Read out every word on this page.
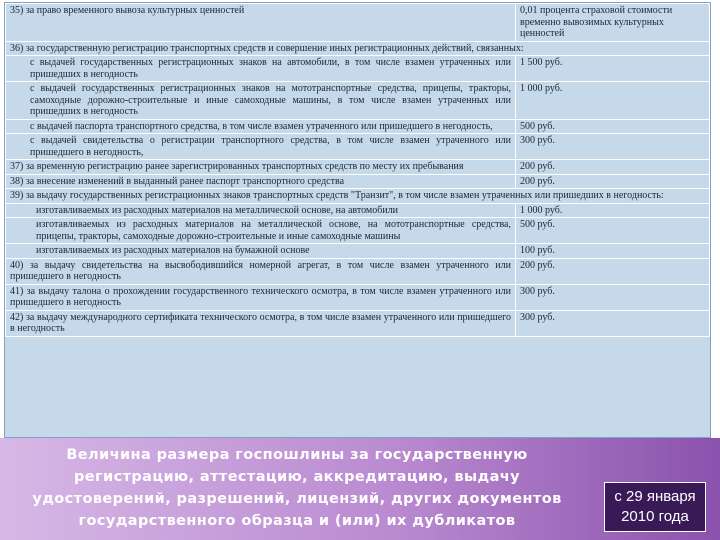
35) за право временного вывоза культурных ценностей	0,01 процента страховой стоимости временно вывозимых культурных ценностей
36) за государственную регистрацию транспортных средств и совершение иных регистрационных действий, связанных:	
с выдачей государственных регистрационных знаков на автомобили, в том числе взамен утраченных или пришедших в негодность	1 500 руб.
с выдачей государственных регистрационных знаков на мототранспортные средства, прицепы, тракторы, самоходные дорожно-строительные и иные самоходные машины, в том числе взамен утраченных или пришедших в негодность	1 000 руб.
с выдачей паспорта транспортного средства, в том числе взамен утраченного или пришедшего в негодность,	500 руб.
с выдачей свидетельства о регистрации транспортного средства, в том числе взамен утраченного или пришедшего в негодность,	300 руб.
37) за временную регистрацию ранее зарегистрированных транспортных средств по месту их пребывания	200 руб.
38) за внесение изменений в выданный ранее паспорт транспортного средства	200 руб.
39) за выдачу государственных регистрационных знаков транспортных средств "Транзит", в том числе взамен утраченных или пришедших в негодность:	
изготавливаемых из расходных материалов на металлической основе, на автомобили	1 000 руб.
изготавливаемых из расходных материалов на металлической основе, на мототранспортные средства, прицепы, тракторы, самоходные дорожно-строительные и иные самоходные машины	500 руб.
изготавливаемых из расходных материалов на бумажной основе	100 руб.
40) за выдачу свидетельства на высвободившийся номерной агрегат, в том числе взамен утраченного или пришедшего в негодность	200 руб.
41) за выдачу талона о прохождении государственного технического осмотра, в том числе взамен утраченного или пришедшего в негодность	300 руб.
42) за выдачу международного сертификата технического осмотра, в том числе взамен утраченного или пришедшего в негодность	300 руб.
Величина размера госпошлины за государственную
регистрацию, аттестацию, аккредитацию, выдачу
удостоверений, разрешений, лицензий, других документов
государственного образца и (или) их дубликатов
с 29 января
2010 года
